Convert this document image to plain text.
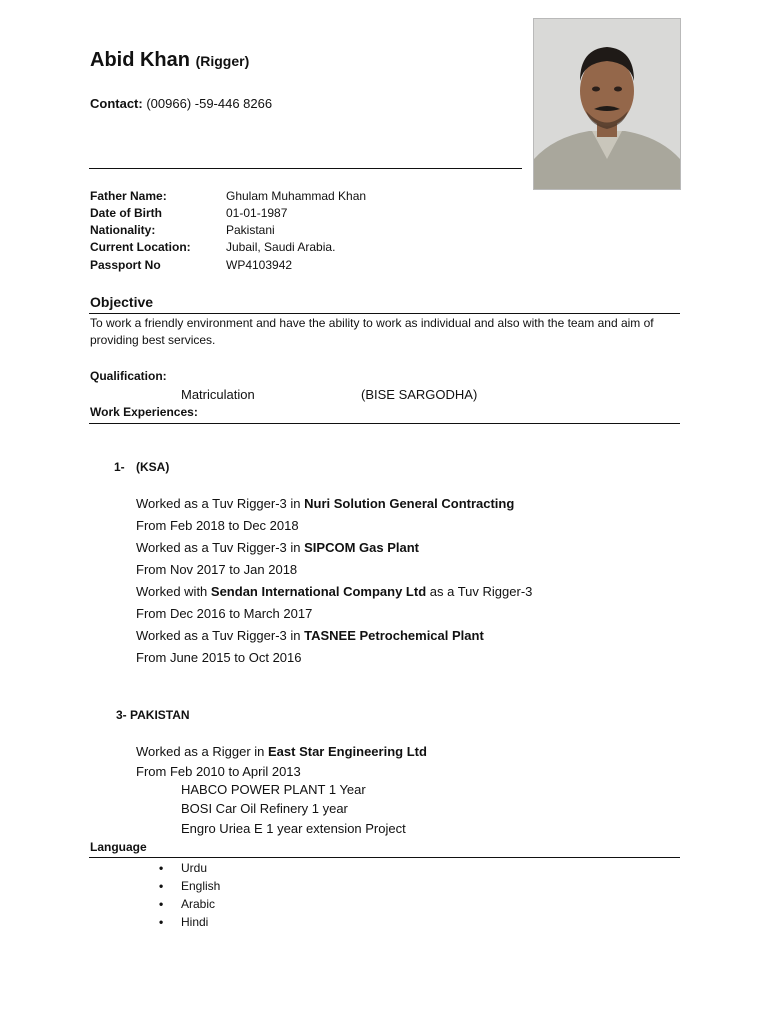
Abid Khan (Rigger)
Contact: (00966) -59-446 8266
Father Name:	Ghulam Muhammad Khan
Date of Birth	01-01-1987
Nationality:	Pakistani
Current Location:	Jubail, Saudi Arabia.
Passport No	WP4103942
Objective
To work a friendly environment and have the ability to work as individual and also with the team and aim of providing best services.
Qualification:
Matriculation	(BISE SARGODHA)
Work Experiences:
1- (KSA)
Worked as a Tuv Rigger-3 in Nuri Solution General Contracting
From Feb 2018 to Dec 2018
Worked as a Tuv Rigger-3 in SIPCOM Gas Plant
From Nov 2017 to Jan 2018
Worked with Sendan International Company Ltd as a Tuv Rigger-3
From Dec 2016 to March 2017
Worked as a Tuv Rigger-3 in TASNEE Petrochemical Plant
From June 2015 to Oct 2016
3- PAKISTAN
Worked as a Rigger in East Star Engineering Ltd
From Feb 2010 to April 2013
HABCO POWER PLANT 1 Year
BOSI Car Oil Refinery 1 year
Engro Uriea E 1 year extension Project
Language
• Urdu
• English
• Arabic
• Hindi
